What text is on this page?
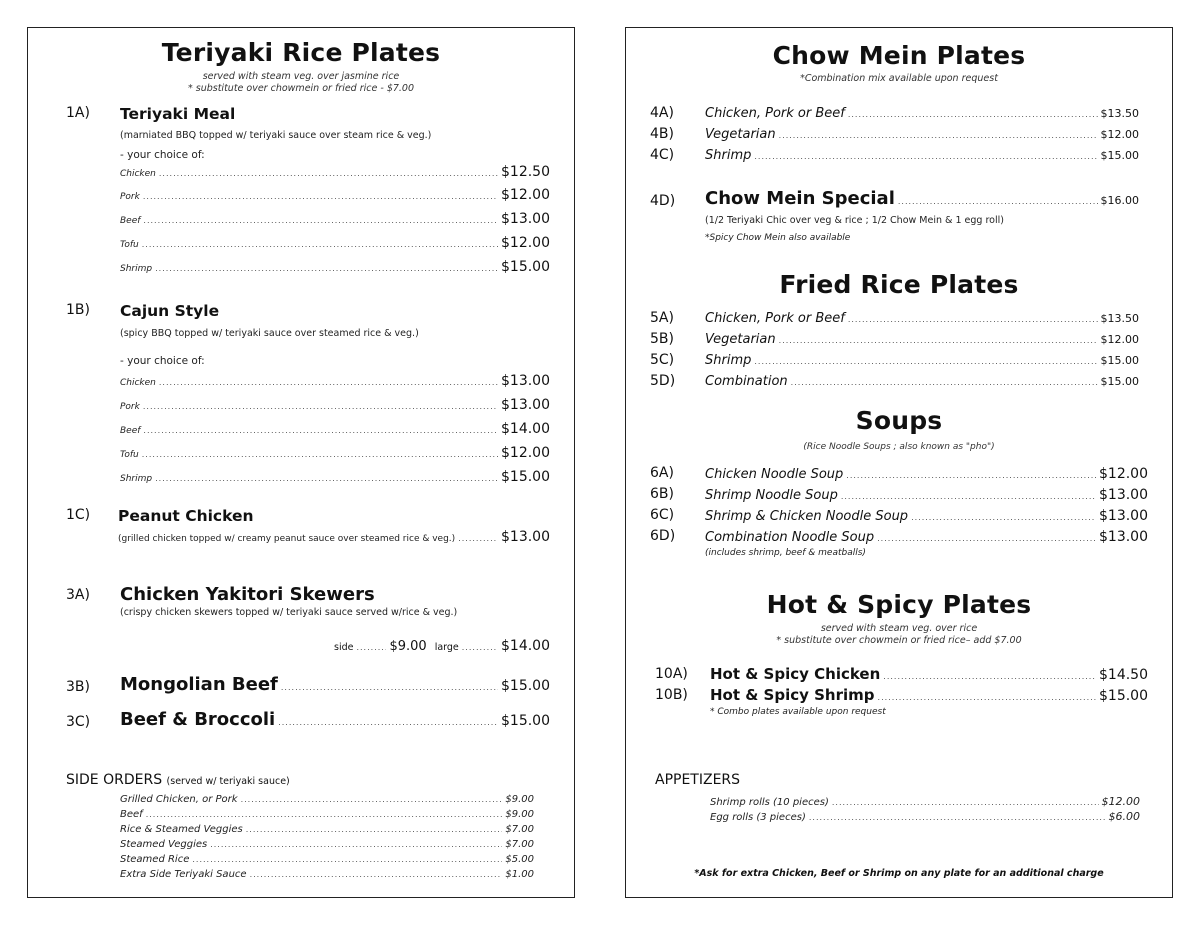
Teriyaki Rice Plates
served with steam veg. over jasmine rice
* substitute over chowmein or fried rice - $7.00
1A) Teriyaki Meal
(marniated BBQ topped w/ teriyaki sauce over steam rice & veg.)
- your choice of:
Chicken .....	$12.50
Pork .....	$12.00
Beef .....	$13.00
Tofu .....	$12.00
Shrimp .....	$15.00
1B) Cajun Style
(spicy BBQ topped w/ teriyaki sauce over steamed rice & veg.)
- your choice of:
Chicken .....	$13.00
Pork .....	$13.00
Beef .....	$14.00
Tofu .....	$12.00
Shrimp .....	$15.00
1C) Peanut Chicken
(grilled chicken topped w/ creamy peanut sauce over steamed rice & veg.) .....	$13.00
3A) Chicken Yakitori Skewers
(crispy chicken skewers topped w/ teriyaki sauce served w/rice & veg.)
side .....	$9.00 large .....	$14.00
3B) Mongolian Beef .....	$15.00
3C) Beef & Broccoli .....	$15.00
SIDE ORDERS (served w/ teriyaki sauce)
Grilled Chicken, or Pork .....	$9.00
Beef .....	$9.00
Rice & Steamed Veggies .....	$7.00
Steamed Veggies .....	$7.00
Steamed Rice .....	$5.00
Extra Side Teriyaki Sauce .....	$1.00
Chow Mein Plates
*Combination mix available upon request
4A) Chicken, Pork or Beef .....	$13.50
4B) Vegetarian .....	$12.00
4C) Shrimp .....	$15.00
4D) Chow Mein Special .....	$16.00
(1/2 Teriyaki Chic over veg & rice ; 1/2 Chow Mein & 1 egg roll)
*Spicy Chow Mein also available
Fried Rice Plates
5A) Chicken, Pork or Beef .....	$13.50
5B) Vegetarian .....	$12.00
5C) Shrimp .....	$15.00
5D) Combination .....	$15.00
Soups
(Rice Noodle Soups ; also known as "pho")
6A) Chicken Noodle Soup .....	$12.00
6B) Shrimp Noodle Soup .....	$13.00
6C) Shrimp & Chicken Noodle Soup .....	$13.00
6D) Combination Noodle Soup .....	$13.00
(includes shrimp, beef & meatballs)
Hot & Spicy Plates
served with steam veg. over rice
* substitute over chowmein or fried rice– add $7.00
10A) Hot & Spicy Chicken .....	$14.50
10B) Hot & Spicy Shrimp .....	$15.00
* Combo plates available upon request
APPETIZERS
Shrimp rolls (10 pieces) .....	$12.00
Egg rolls (3 pieces) .....	$6.00
*Ask for extra Chicken, Beef or Shrimp on any plate for an additional charge
